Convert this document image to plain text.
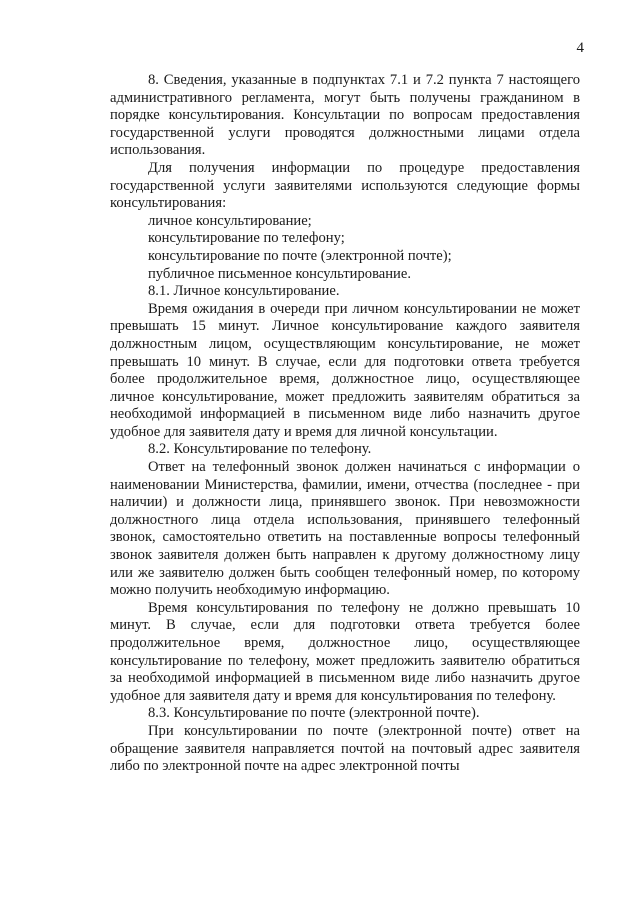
4

8. Сведения, указанные в подпунктах 7.1 и 7.2 пункта 7 настоящего административного регламента, могут быть получены гражданином в порядке консультирования. Консультации по вопросам предоставления государственной услуги проводятся должностными лицами отдела использования.

Для получения информации по процедуре предоставления государственной услуги заявителями используются следующие формы консультирования:

личное консультирование;

консультирование по телефону;

консультирование по почте (электронной почте);

публичное письменное консультирование.

8.1. Личное консультирование.

Время ожидания в очереди при личном консультировании не может превышать 15 минут. Личное консультирование каждого заявителя должностным лицом, осуществляющим консультирование, не может превышать 10 минут. В случае, если для подготовки ответа требуется более продолжительное время, должностное лицо, осуществляющее личное консультирование, может предложить заявителям обратиться за необходимой информацией в письменном виде либо назначить другое удобное для заявителя дату и время для личной консультации.

8.2. Консультирование по телефону.

Ответ на телефонный звонок должен начинаться с информации о наименовании Министерства, фамилии, имени, отчества (последнее - при наличии) и должности лица, принявшего звонок. При невозможности должностного лица отдела использования, принявшего телефонный звонок, самостоятельно ответить на поставленные вопросы телефонный звонок заявителя должен быть направлен к другому должностному лицу или же заявителю должен быть сообщен телефонный номер, по которому можно получить необходимую информацию.

Время консультирования по телефону не должно превышать 10 минут. В случае, если для подготовки ответа требуется более продолжительное время, должностное лицо, осуществляющее консультирование по телефону, может предложить заявителю обратиться за необходимой информацией в письменном виде либо назначить другое удобное для заявителя дату и время для консультирования по телефону.

8.3. Консультирование по почте (электронной почте).

При консультировании по почте (электронной почте) ответ на обращение заявителя направляется почтой на почтовый адрес заявителя либо по электронной почте на адрес электронной почты
